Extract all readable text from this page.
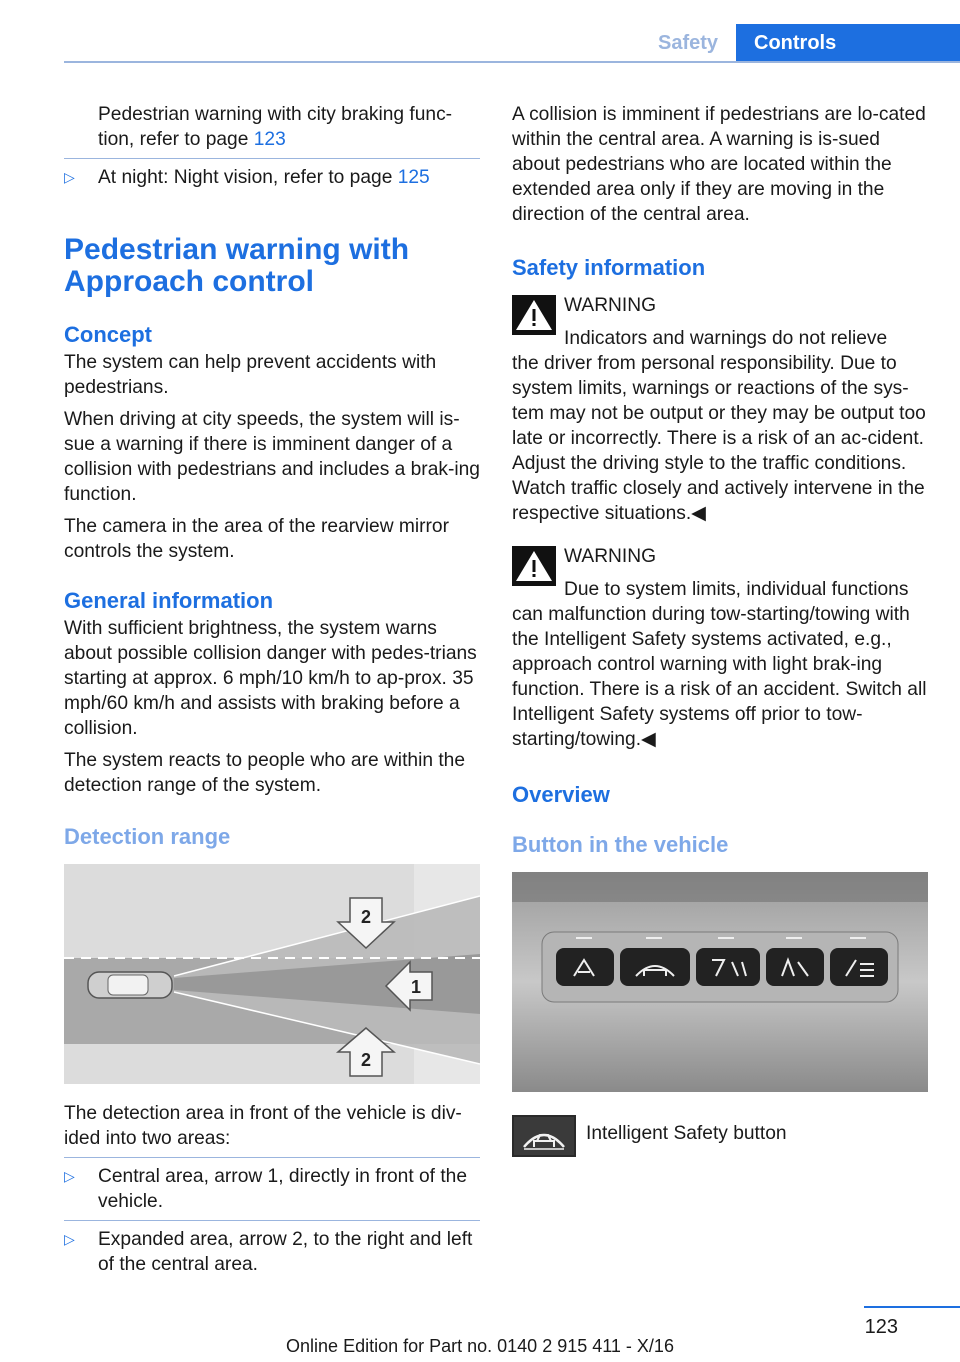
Safety	Controls

Pedestrian warning with city braking func-
tion, refer to page 123

▷ At night: Night vision, refer to page 125
Pedestrian warning with
Approach control
Concept

The system can help prevent accidents with pedestrians.

When driving at city speeds, the system will is-sue a warning if there is imminent danger of a collision with pedestrians and includes a brak-ing function.

The camera in the area of the rearview mirror controls the system.

General information

With sufficient brightness, the system warns about possible collision danger with pedes-trians starting at approx. 6 mph/10 km/h to ap-prox. 35 mph/60 km/h and assists with braking before a collision.

The system reacts to people who are within the detection range of the system.

Detection range
2
1
2

The detection area in front of the vehicle is div-ided into two areas:

▷ Central area, arrow 1, directly in front of the vehicle.
▷ Expanded area, arrow 2, to the right and left of the central area.

A collision is imminent if pedestrians are lo-cated within the central area. A warning is is-sued about pedestrians who are located within the extended area only if they are moving in the direction of the central area.

Safety information
WARNING
Indicators and warnings do not relieve

the driver from personal responsibility. Due to system limits, warnings or reactions of the sys-tem may not be output or they may be output too late or incorrectly. There is a risk of an ac-cident. Adjust the driving style to the traffic conditions. Watch traffic closely and actively intervene in the respective situations.◀

WARNING
Due to system limits, individual functions

can malfunction during tow-starting/towing with the Intelligent Safety systems activated, e.g., approach control warning with light brak-ing function. There is a risk of an accident. Switch all Intelligent Safety systems off prior to tow-starting/towing.◀

Overview
Button in the vehicle
Intelligent Safety button
123
Online Edition for Part no. 0140 2 915 411 - X/16
